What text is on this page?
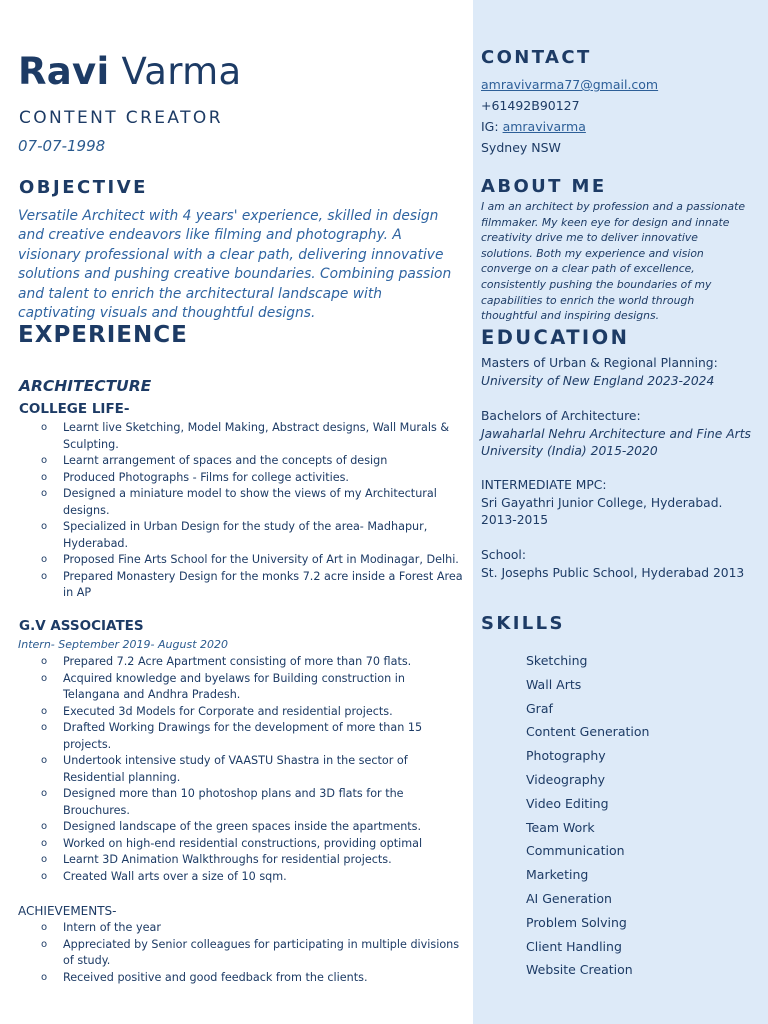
Ravi Varma
CONTENT CREATOR
07-07-1998
OBJECTIVE
Versatile Architect with 4 years' experience, skilled in design and creative endeavors like filming and photography. A visionary professional with a clear path, delivering innovative solutions and pushing creative boundaries. Combining passion and talent to enrich the architectural landscape with captivating visuals and thoughtful designs.
EXPERIENCE
ARCHITECTURE
COLLEGE LIFE-
o Learnt live Sketching, Model Making, Abstract designs, Wall Murals & Sculpting.
o Learnt arrangement of spaces and the concepts of design
o Produced Photographs - Films for college activities.
o Designed a miniature model to show the views of my Architectural designs.
o Specialized in Urban Design for the study of the area- Madhapur, Hyderabad.
o Proposed Fine Arts School for the University of Art in Modinagar, Delhi.
o Prepared Monastery Design for the monks 7.2 acre inside a Forest Area in AP
G.V ASSOCIATES
Intern- September 2019- August 2020
o Prepared 7.2 Acre Apartment consisting of more than 70 flats.
o Acquired knowledge and byelaws for Building construction in Telangana and Andhra Pradesh.
o Executed 3d Models for Corporate and residential projects.
o Drafted Working Drawings for the development of more than 15 projects.
o Undertook intensive study of VAASTU Shastra in the sector of Residential planning.
o Designed more than 10 photoshop plans and 3D flats for the Brouchures.
o Designed landscape of the green spaces inside the apartments.
o Worked on high-end residential constructions, providing optimal
o Learnt 3D Animation Walkthroughs for residential projects.
o Created Wall arts over a size of 10 sqm.
ACHIEVEMENTS-
o Intern of the year
o Appreciated by Senior colleagues for participating in multiple divisions of study.
o Received positive and good feedback from the clients.
CONTACT
amravivarma77@gmail.com
+61492B90127
IG: amravivarma
Sydney NSW
ABOUT ME
I am an architect by profession and a passionate filmmaker. My keen eye for design and innate creativity drive me to deliver innovative solutions. Both my experience and vision converge on a clear path of excellence, consistently pushing the boundaries of my capabilities to enrich the world through thoughtful and inspiring designs.
EDUCATION
Masters of Urban & Regional Planning:
University of New England 2023-2024
Bachelors of Architecture:
Jawaharlal Nehru Architecture and Fine Arts University (India) 2015-2020
INTERMEDIATE MPC:
Sri Gayathri Junior College, Hyderabad. 2013-2015
School:
St. Josephs Public School, Hyderabad 2013
SKILLS
Sketching
Wall Arts
Graf
Content Generation
Photography
Videography
Video Editing
Team Work
Communication
Marketing
AI Generation
Problem Solving
Client Handling
Website Creation
